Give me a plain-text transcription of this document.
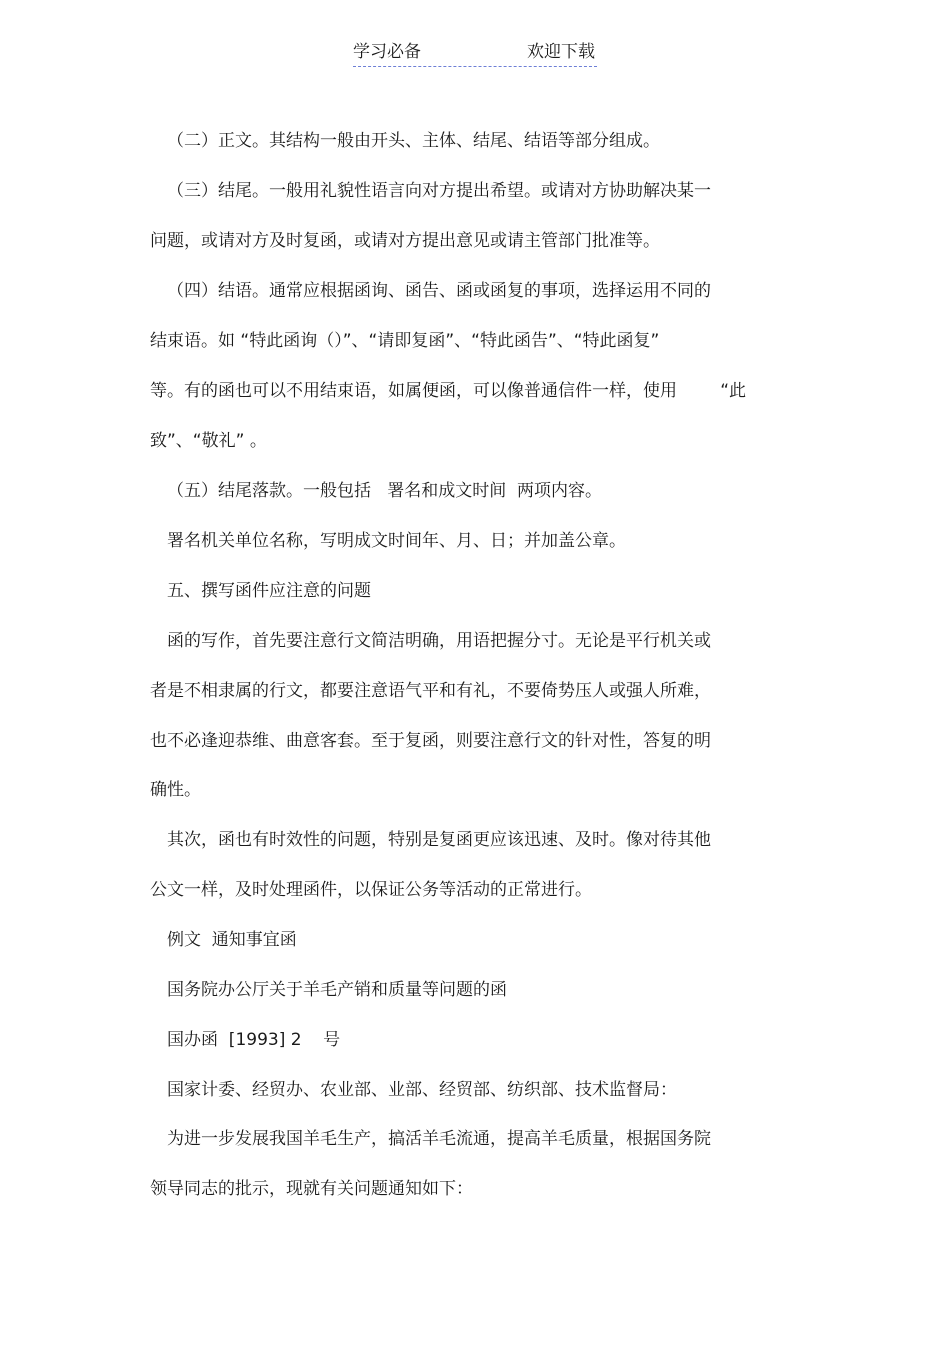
学习必备	欢迎下载
（二）正文。其结构一般由开头、主体、结尾、结语等部分组成。
（三）结尾。一般用礼貌性语言向对方提出希望。或请对方协助解决某一
问题，或请对方及时复函，或请对方提出意见或请主管部门批准等。
（四）结语。通常应根据函询、函告、函或函复的事项，选择运用不同的
结束语。如 “特此函询（）”、“请即复函”、“特此函告”、“特此函复”
等。有的函也可以不用结束语，如属便函，可以像普通信件一样，使用        “此
致”、“敬礼” 。
（五）结尾落款。一般包括   署名和成文时间  两项内容。
署名机关单位名称，写明成文时间年、月、日；并加盖公章。
五、撰写函件应注意的问题
函的写作，首先要注意行文简洁明确，用语把握分寸。无论是平行机关或
者是不相隶属的行文，都要注意语气平和有礼，不要倚势压人或强人所难，
也不必逢迎恭维、曲意客套。至于复函，则要注意行文的针对性，答复的明
确性。
其次，函也有时效性的问题，特别是复函更应该迅速、及时。像对待其他
公文一样，及时处理函件，以保证公务等活动的正常进行。
例文  通知事宜函
国务院办公厅关于羊毛产销和质量等问题的函
国办函  [1993] 2    号
国家计委、经贸办、农业部、业部、经贸部、纺织部、技术监督局：
为进一步发展我国羊毛生产，搞活羊毛流通，提高羊毛质量，根据国务院
领导同志的批示，现就有关问题通知如下：
